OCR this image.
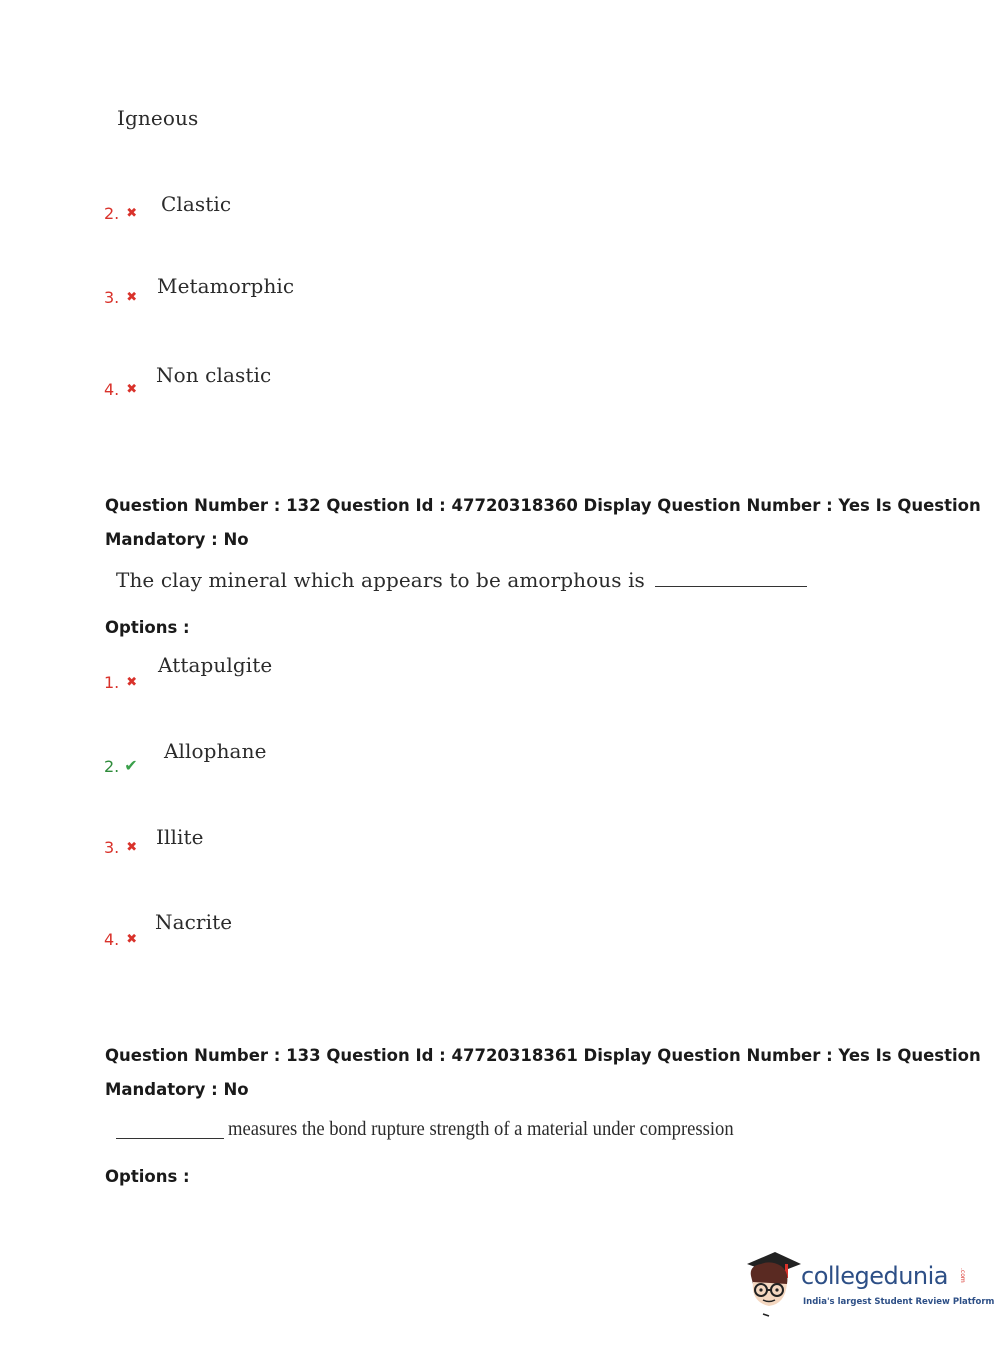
Igneous
2. ✖ Clastic
3. ✖ Metamorphic
4. ✖
Non clastic
Question Number : 132 Question Id : 47720318360 Display Question Number : Yes Is Question
Mandatory : No
The clay mineral which appears to be amorphous is
Options :
1. ✖
Attapulgite
2. ✔
Allophane
3. ✖ Illite
4. ✖
Nacrite
Question Number : 133 Question Id : 47720318361 Display Question Number : Yes Is Question
Mandatory : No
measures the bond rupture strength of a material under compression
Options :
collegedunia .com
India's largest Student Review Platform
